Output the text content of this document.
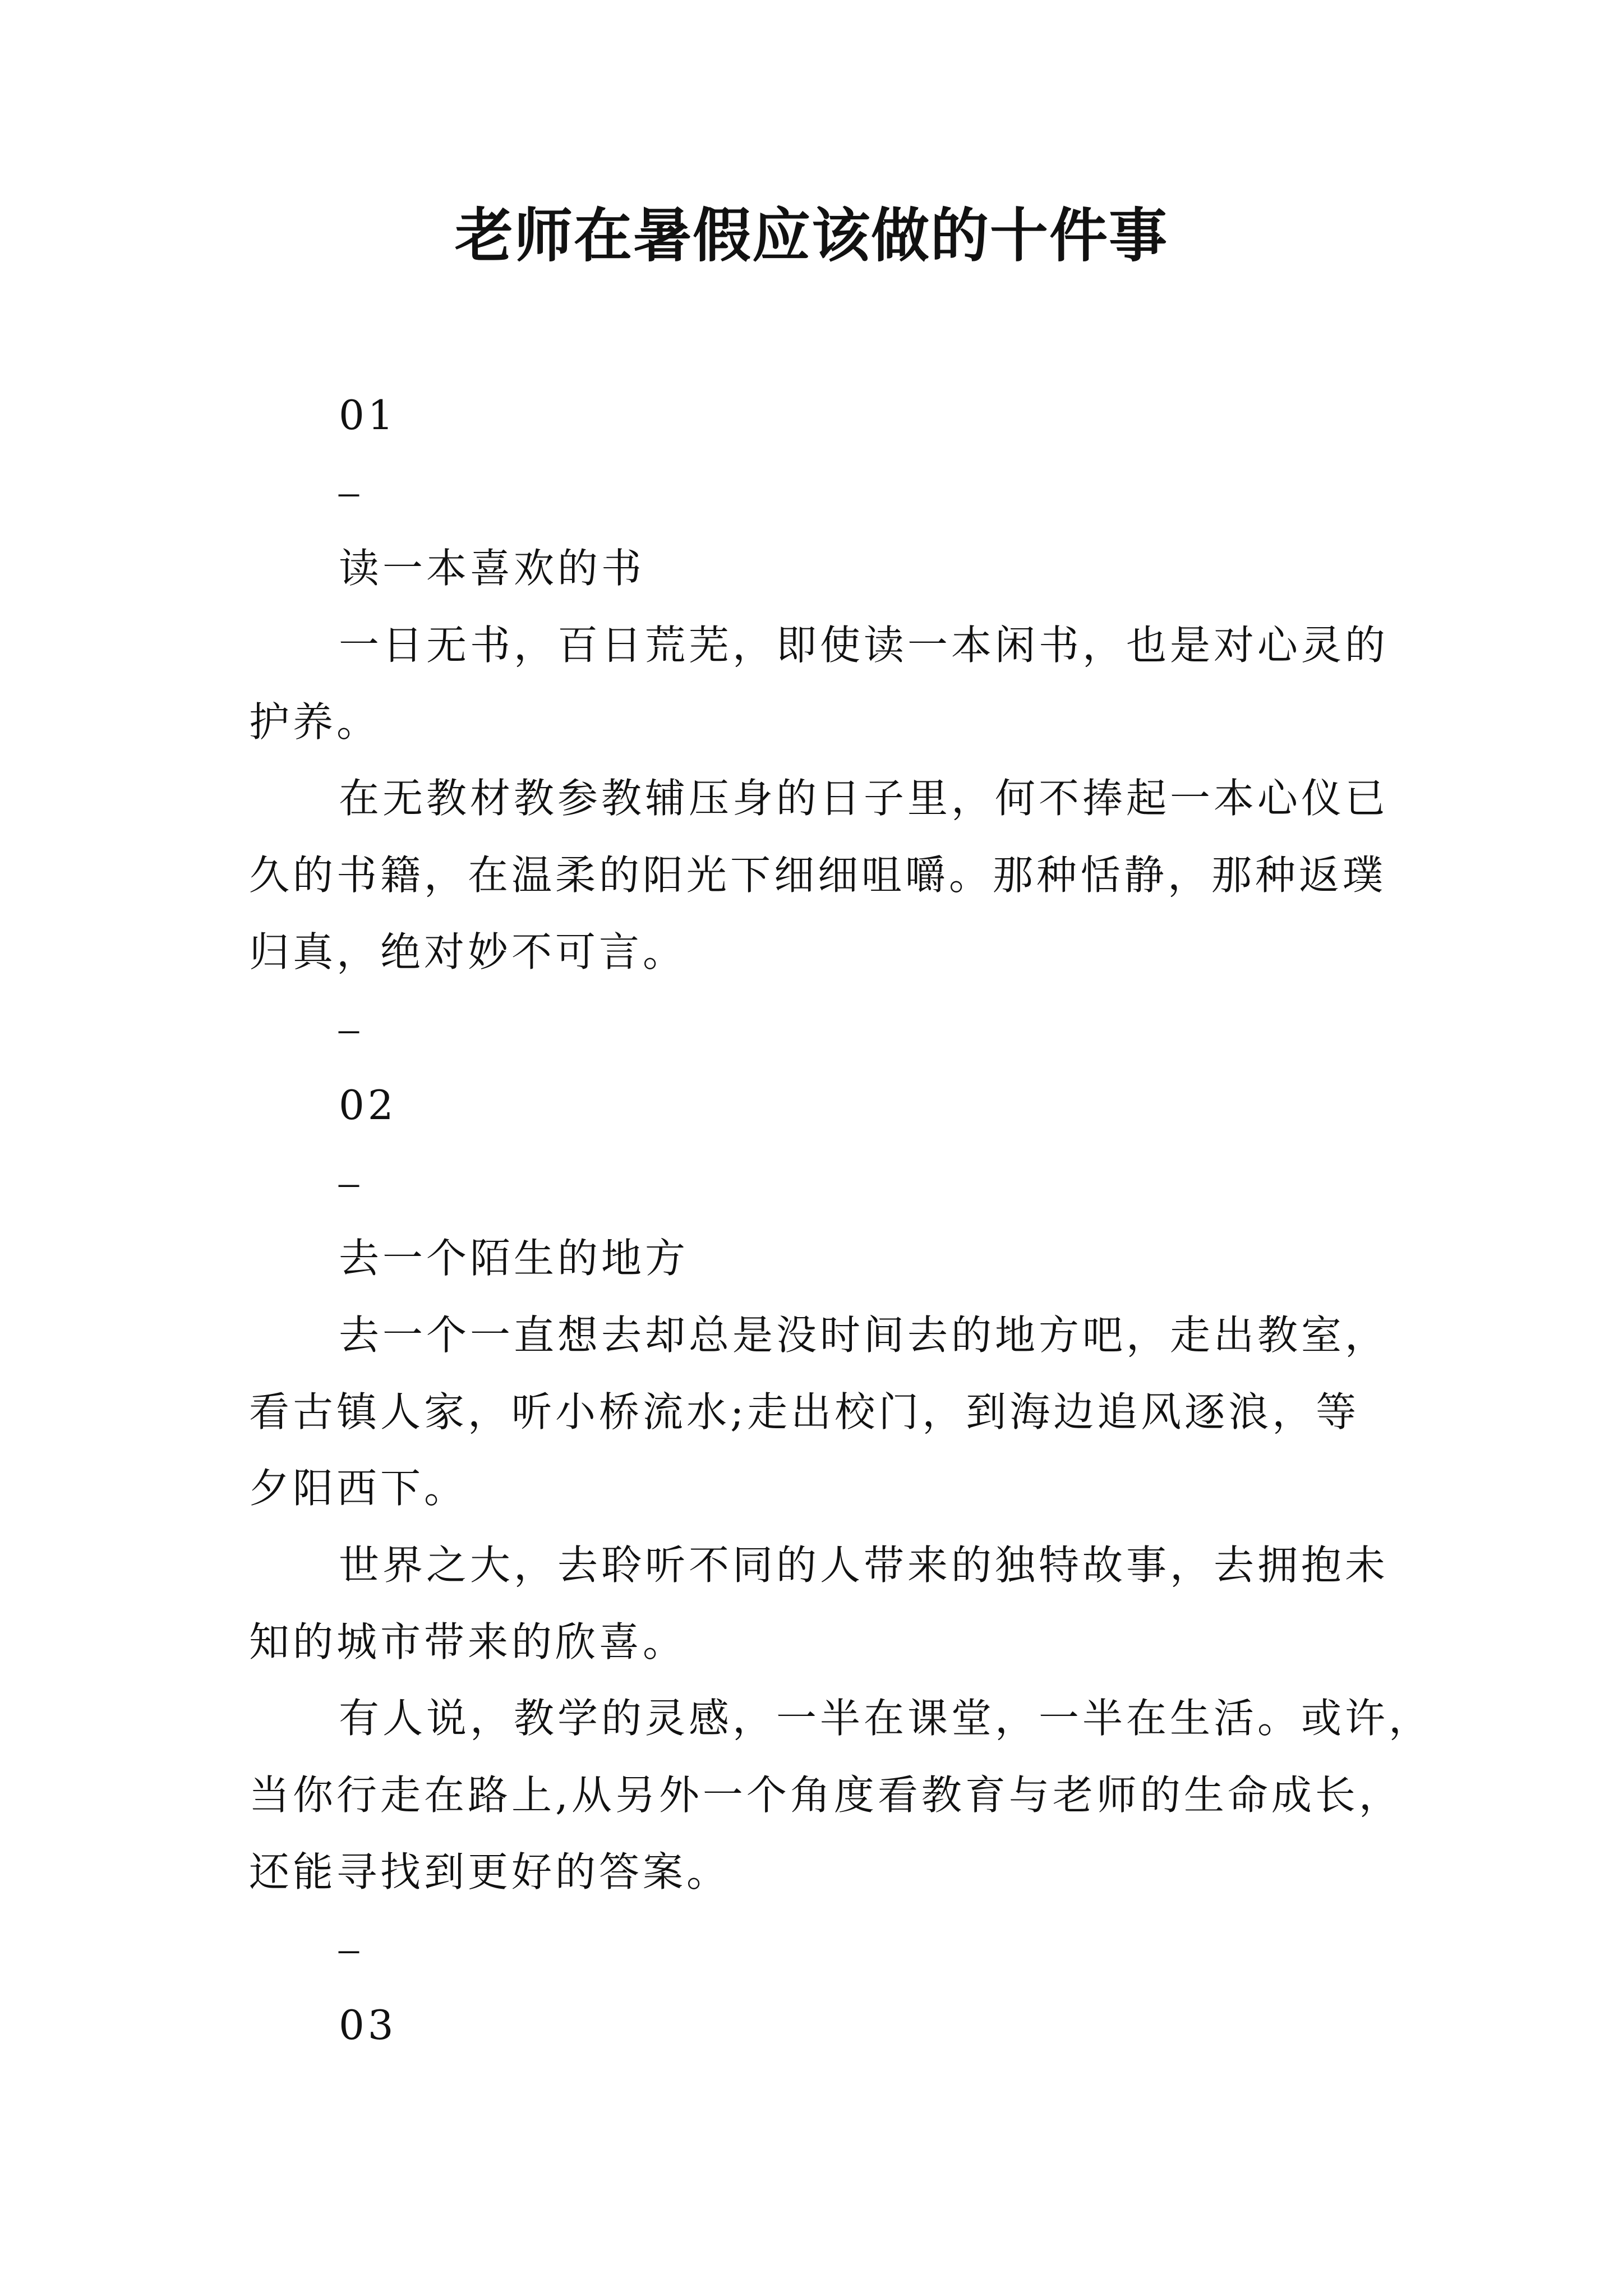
老师在暑假应该做的十件事
01
–
读一本喜欢的书
一日无书，百日荒芜，即使读一本闲书，也是对心灵的
护养。
在无教材教参教辅压身的日子里，何不捧起一本心仪已
久的书籍，在温柔的阳光下细细咀嚼。那种恬静，那种返璞
归真，绝对妙不可言。
–
02
–
去一个陌生的地方
去一个一直想去却总是没时间去的地方吧，走出教室，
看古镇人家，听小桥流水;走出校门，到海边追风逐浪，等
夕阳西下。
世界之大，去聆听不同的人带来的独特故事，去拥抱未
知的城市带来的欣喜。
有人说，教学的灵感，一半在课堂，一半在生活。或许，
当你行走在路上,从另外一个角度看教育与老师的生命成长，
还能寻找到更好的答案。
–
03
